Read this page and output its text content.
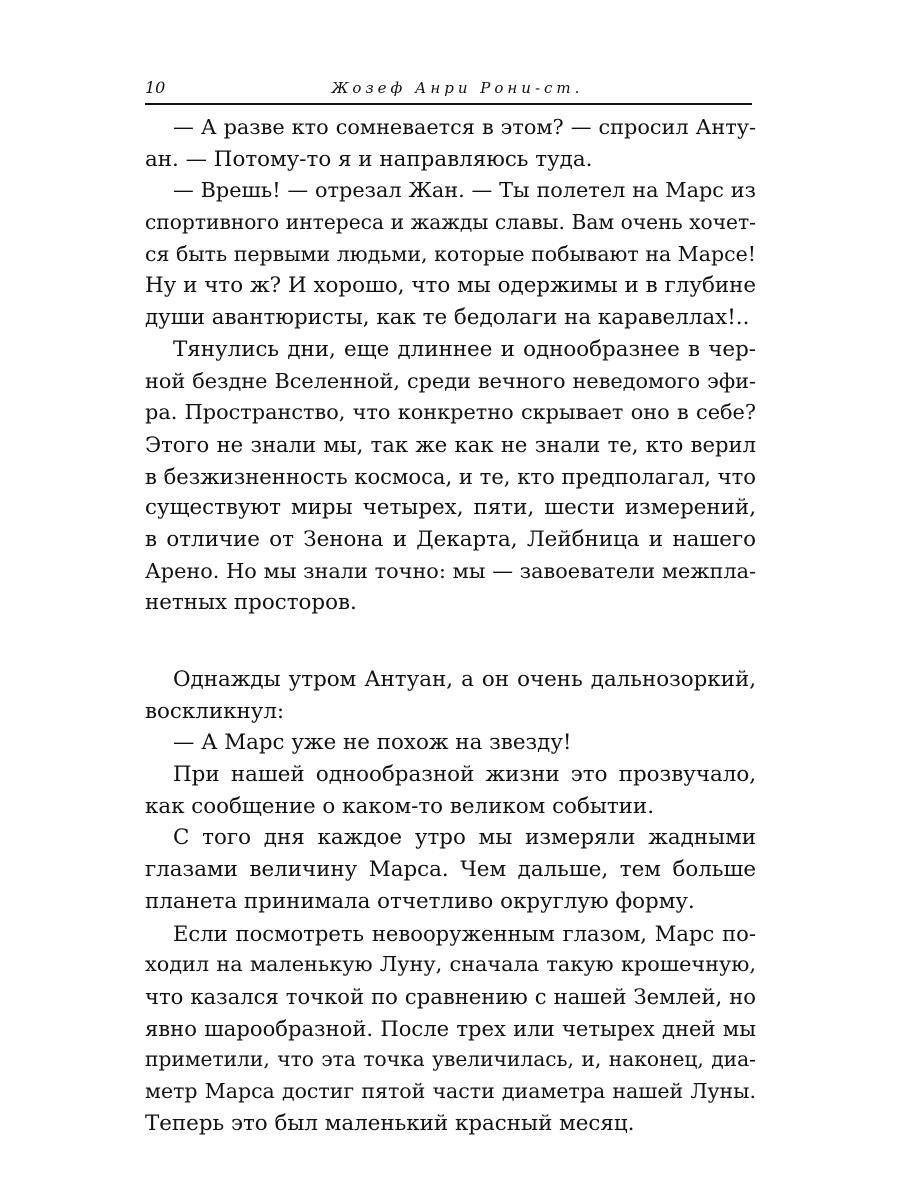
10	Жозеф Анри Рони-ст.
— А разве кто сомневается в этом? — спросил Анту-
ан. — Потому-то я и направляюсь туда.
— Врешь! — отрезал Жан. — Ты полетел на Марс из
спортивного интереса и жажды славы. Вам очень хочет-
ся быть первыми людьми, которые побывают на Марсе!
Ну и что ж? И хорошо, что мы одержимы и в глубине
души авантюристы, как те бедолаги на каравеллах!..
Тянулись дни, еще длиннее и однообразнее в чер-
ной бездне Вселенной, среди вечного неведомого эфи-
ра. Пространство, что конкретно скрывает оно в себе?
Этого не знали мы, так же как не знали те, кто верил
в безжизненность космоса, и те, кто предполагал, что
существуют миры четырех, пяти, шести измерений,
в отличие от Зенона и Декарта, Лейбница и нашего
Арено. Но мы знали точно: мы — завоеватели межпла-
нетных просторов.
Однажды утром Антуан, а он очень дальнозоркий,
воскликнул:
— А Марс уже не похож на звезду!
При нашей однообразной жизни это прозвучало,
как сообщение о каком-то великом событии.
С того дня каждое утро мы измеряли жадными
глазами величину Марса. Чем дальше, тем больше
планета принимала отчетливо округлую форму.
Если посмотреть невооруженным глазом, Марс по-
ходил на маленькую Луну, сначала такую крошечную,
что казался точкой по сравнению с нашей Землей, но
явно шарообразной. После трех или четырех дней мы
приметили, что эта точка увеличилась, и, наконец, диа-
метр Марса достиг пятой части диаметра нашей Луны.
Теперь это был маленький красный месяц.
